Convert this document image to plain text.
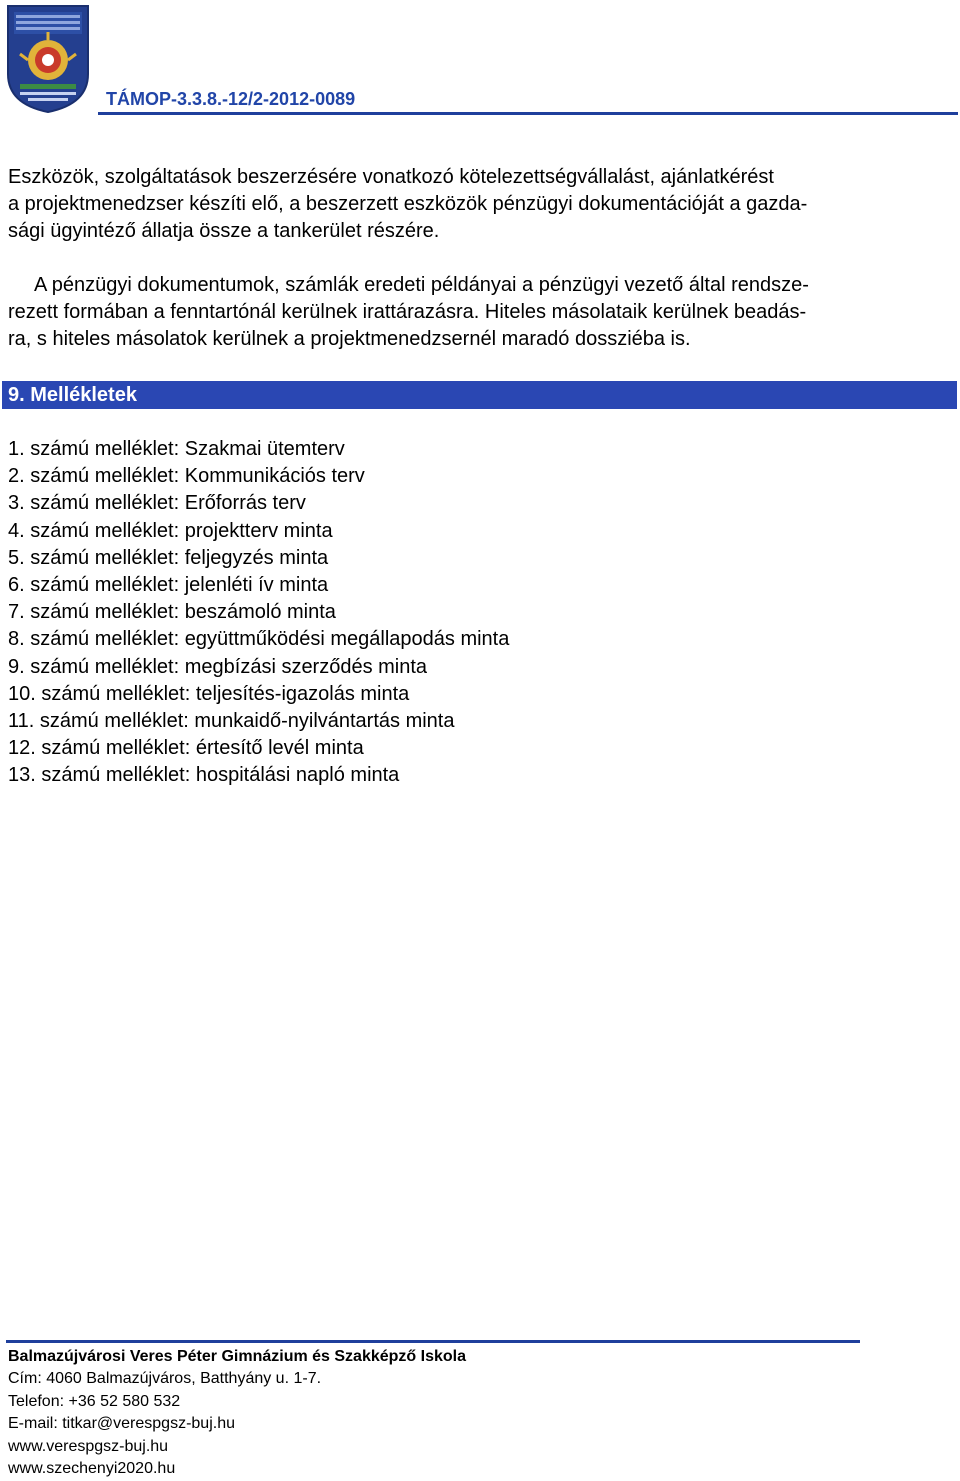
TÁMOP-3.3.8.-12/2-2012-0089

Eszközök, szolgáltatások beszerzésére vonatkozó kötelezettségvállalást, ajánlatkérést
a projektmenedzser készíti elő, a beszerzett eszközök pénzügyi dokumentációját a gazda-
sági ügyintéző állatja össze a tankerület részére.

A pénzügyi dokumentumok, számlák eredeti példányai a pénzügyi vezető által rendsze-
rezett formában a fenntartónál kerülnek irattárazásra. Hiteles másolataik kerülnek beadás-
ra, s hiteles másolatok kerülnek a projektmenedzsernél maradó dossziéba is.

9. Mellékletek
1. számú melléklet: Szakmai ütemterv
2. számú melléklet: Kommunikációs terv
3. számú melléklet: Erőforrás terv
4. számú melléklet: projektterv minta
5. számú melléklet: feljegyzés minta
6. számú melléklet: jelenléti ív minta
7. számú melléklet: beszámoló minta
8. számú melléklet: együttműködési megállapodás minta
9. számú melléklet: megbízási szerződés minta
10. számú melléklet: teljesítés-igazolás minta
11. számú melléklet: munkaidő-nyilvántartás minta
12. számú melléklet: értesítő levél minta
13. számú melléklet: hospitálási napló minta
Balmazújvárosi Veres Péter Gimnázium és Szakképző Iskola
Cím: 4060 Balmazújváros, Batthyány u. 1-7.
Telefon: +36 52 580 532
E-mail: titkar@verespgsz-buj.hu
www.verespgsz-buj.hu
www.szechenyi2020.hu
